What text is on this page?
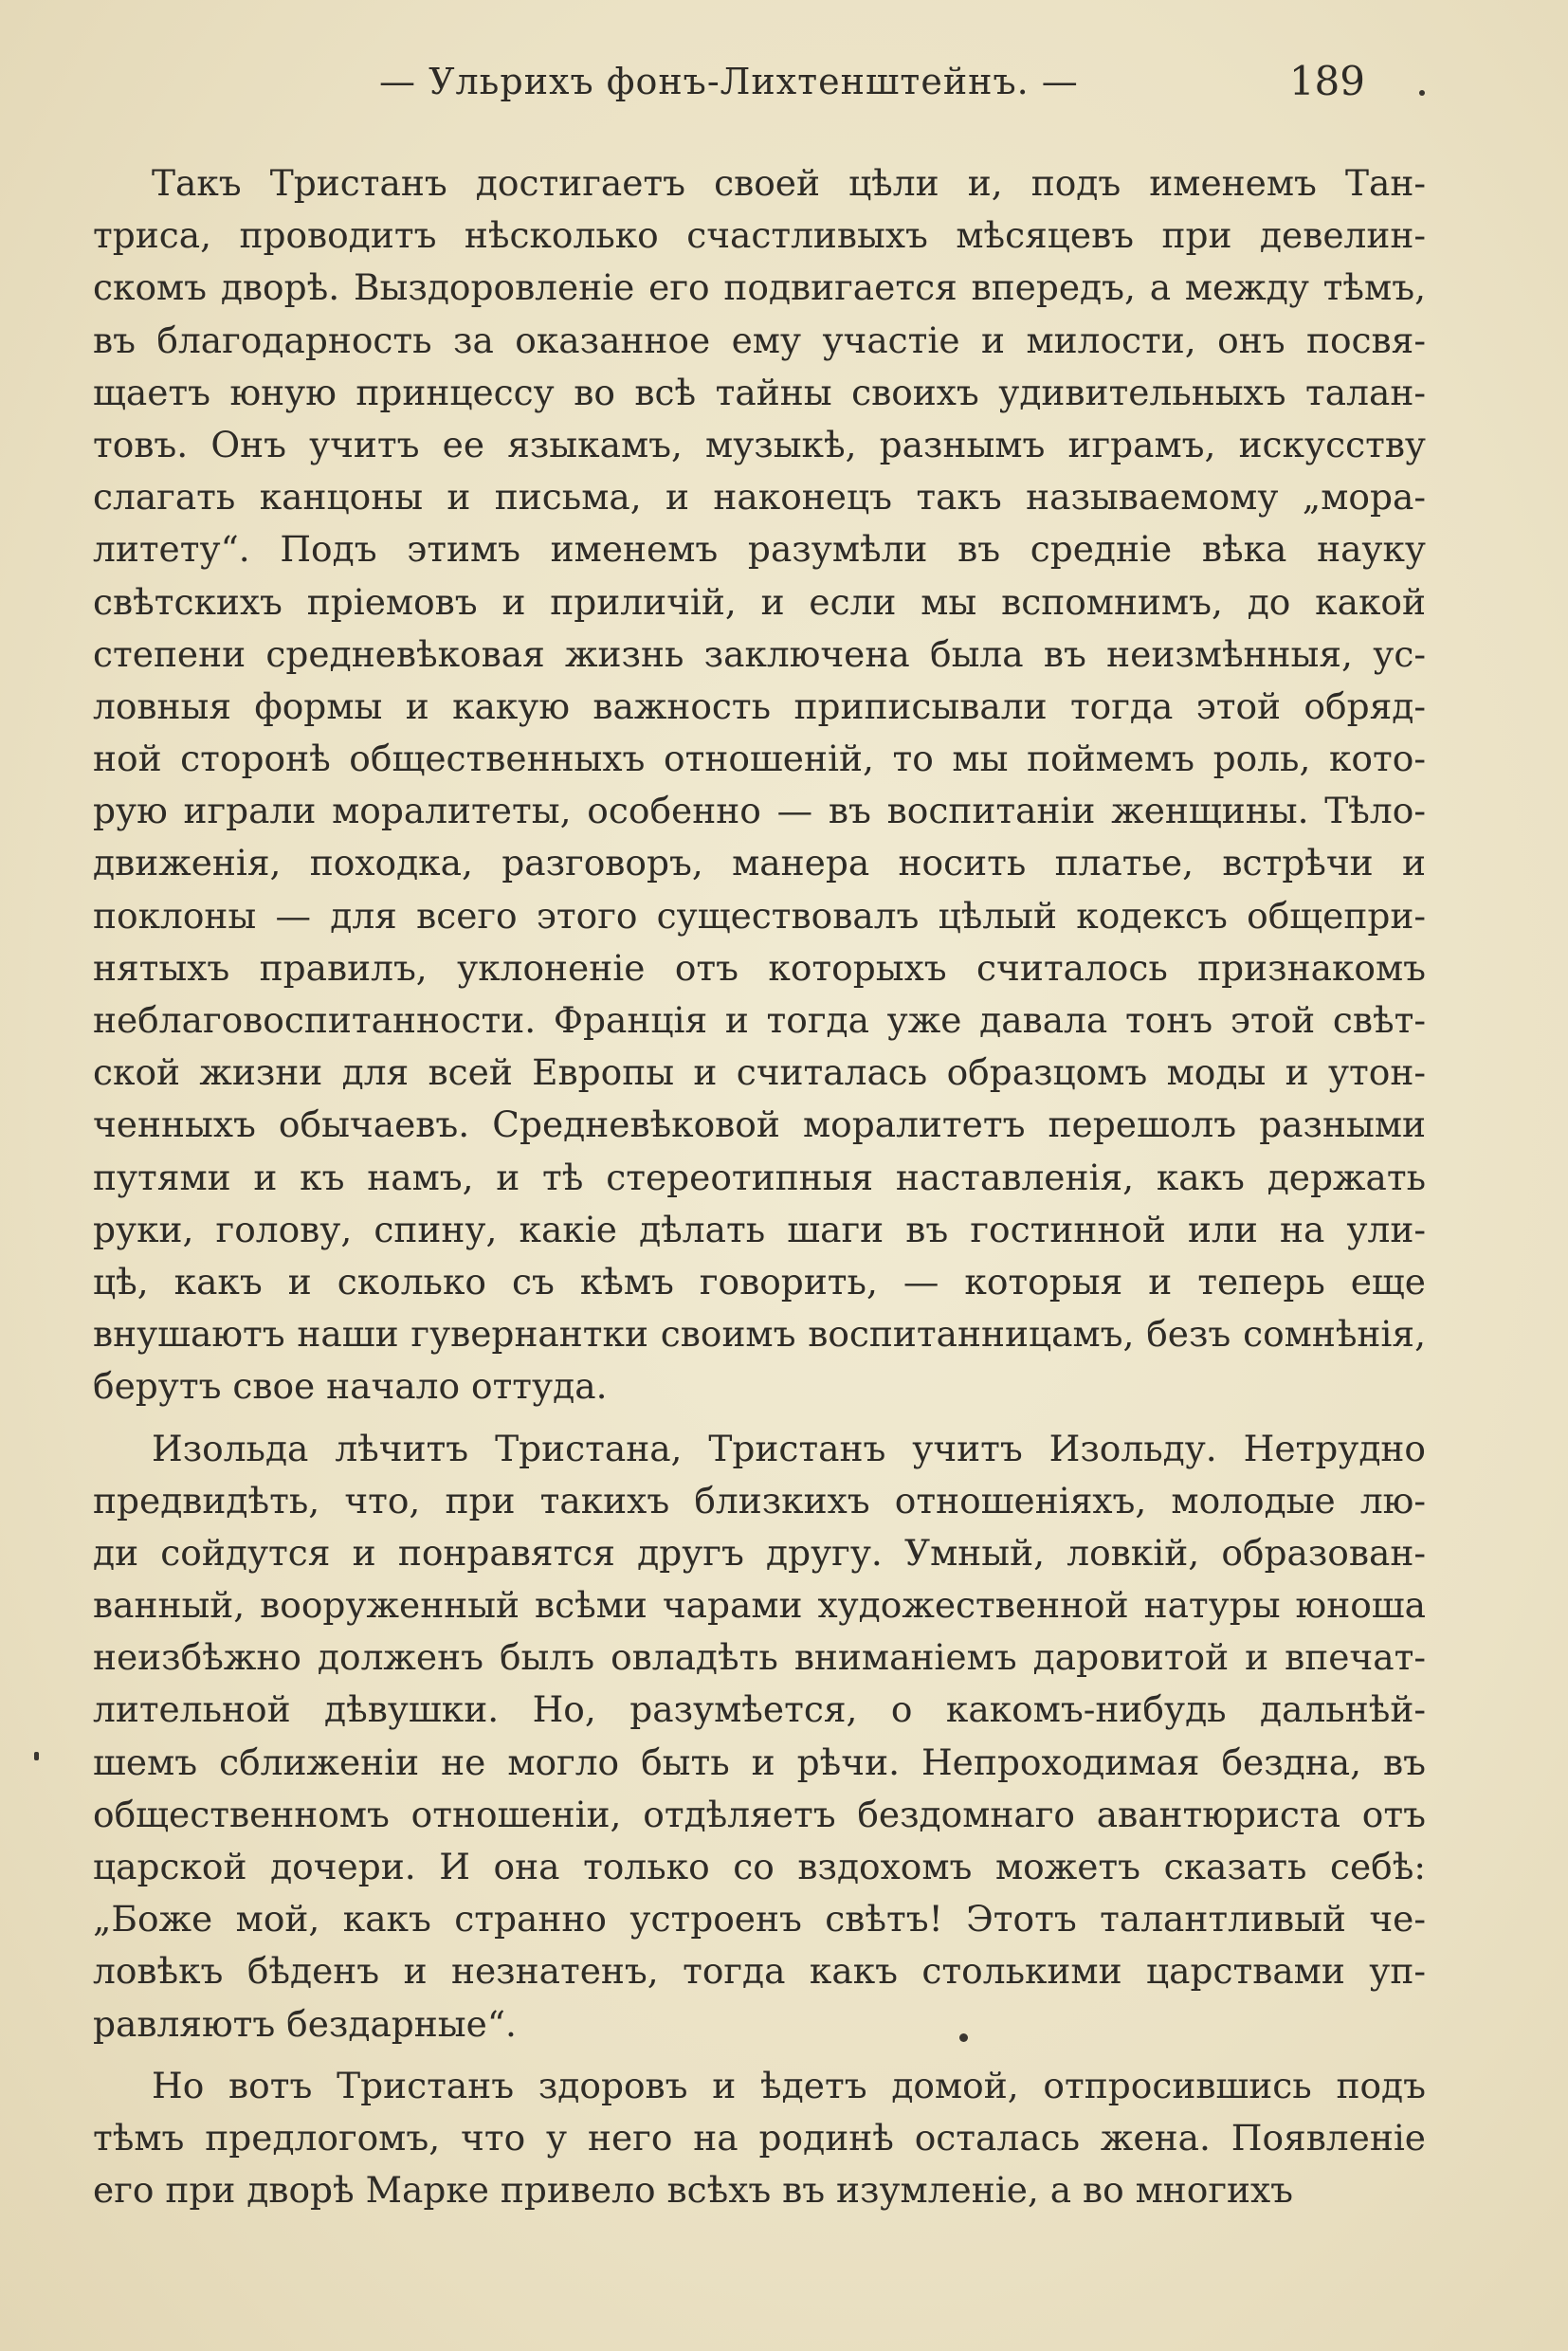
— Ульрихъ фонъ-Лихтенштейнъ. —	189
Такъ Тристанъ достигаетъ своей цѣли и, подъ именемъ Тан-
триса, проводитъ нѣсколько счастливыхъ мѣсяцевъ при девелин-
скомъ дворѣ. Выздоровленіе его подвигается впередъ, а между тѣмъ,
въ благодарность за оказанное ему участіе и милости, онъ посвя-
щаетъ юную принцессу во всѣ тайны своихъ удивительныхъ талан-
товъ. Онъ учитъ ее языкамъ, музыкѣ, разнымъ играмъ, искусству
слагать канцоны и письма, и наконецъ такъ называемому „мора-
литету“. Подъ этимъ именемъ разумѣли въ средніе вѣка науку
свѣтскихъ пріемовъ и приличій, и если мы вспомнимъ, до какой
степени средневѣковая жизнь заключена была въ неизмѣнныя, ус-
ловныя формы и какую важность приписывали тогда этой обряд-
ной сторонѣ общественныхъ отношеній, то мы поймемъ роль, кото-
рую играли моралитеты, особенно — въ воспитаніи женщины. Тѣло-
движенія, походка, разговоръ, манера носить платье, встрѣчи и
поклоны — для всего этого существовалъ цѣлый кодексъ общепри-
нятыхъ правилъ, уклоненіе отъ которыхъ считалось признакомъ
неблаговоспитанности. Франція и тогда уже давала тонъ этой свѣт-
ской жизни для всей Европы и считалась образцомъ моды и утон-
ченныхъ обычаевъ. Средневѣковой моралитетъ перешолъ разными
путями и къ намъ, и тѣ стереотипныя наставленія, какъ держать
руки, голову, спину, какіе дѣлать шаги въ гостинной или на ули-
цѣ, какъ и сколько съ кѣмъ говорить, — которыя и теперь еще
внушаютъ наши гувернантки своимъ воспитанницамъ, безъ сомнѣнія,
берутъ свое начало оттуда.
Изольда лѣчитъ Тристана, Тристанъ учитъ Изольду. Нетрудно
предвидѣть, что, при такихъ близкихъ отношеніяхъ, молодые лю-
ди сойдутся и понравятся другъ другу. Умный, ловкій, образован-
ванный, вооруженный всѣми чарами художественной натуры юноша
неизбѣжно долженъ былъ овладѣть вниманіемъ даровитой и впечат-
лительной дѣвушки. Но, разумѣется, о какомъ-нибудь дальнѣй-
шемъ сближеніи не могло быть и рѣчи. Непроходимая бездна, въ
общественномъ отношеніи, отдѣляетъ бездомнаго авантюриста отъ
царской дочери. И она только со вздохомъ можетъ сказать себѣ:
„Боже мой, какъ странно устроенъ свѣтъ! Этотъ талантливый че-
ловѣкъ бѣденъ и незнатенъ, тогда какъ столькими царствами уп-
равляютъ бездарные“.
Но вотъ Тристанъ здоровъ и ѣдетъ домой, отпросившись подъ
тѣмъ предлогомъ, что у него на родинѣ осталась жена. Появленіе
его при дворѣ Марке привело всѣхъ въ изумленіе, а во многихъ
